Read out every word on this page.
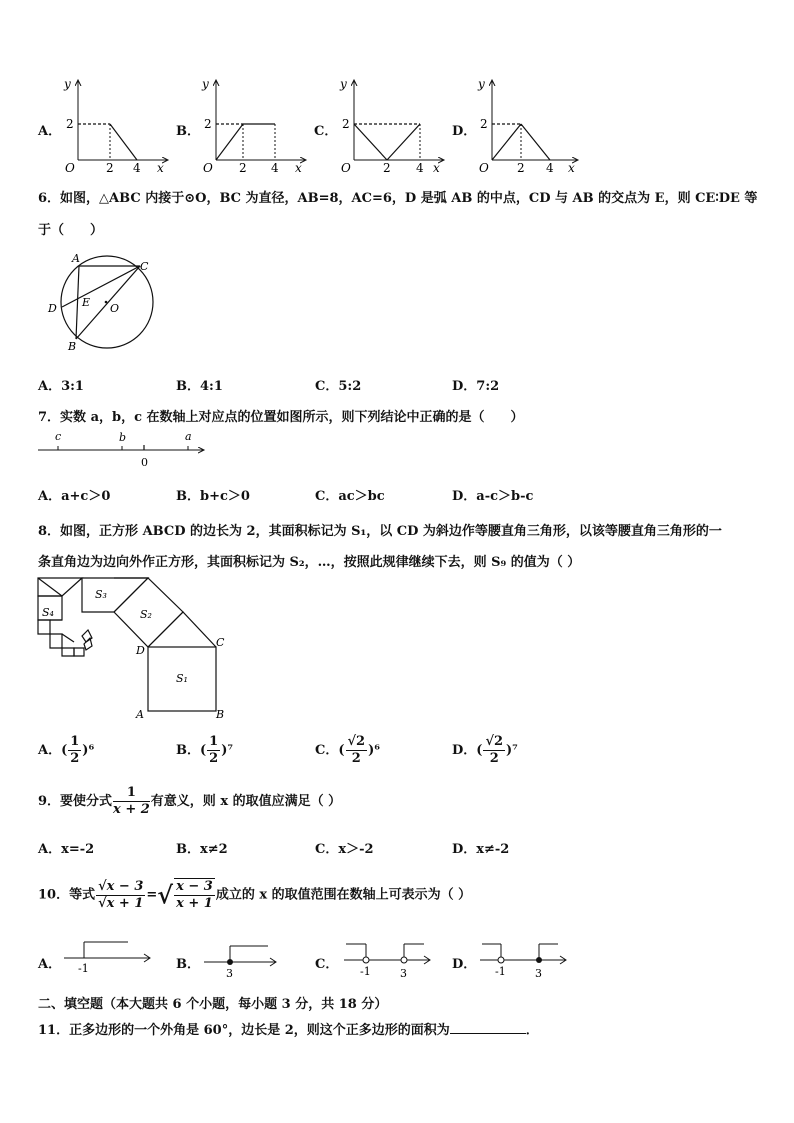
A．
y
2
O	2 4 x
B．
y
2
O 2 4 x
C．
y
2
O	2 4 x
D．
y
2
O 2 4 x
6．如图，△ABC 内接于⊙O，BC 为直径，AB=8，AC=6，D 是弧 AB 的中点，CD 与 AB 的交点为 E，则 CE∶DE 等
于（　　）
A
C
D E O
B
A．3:1	B．4:1	C．5:2	D．7:2
7．实数 a，b，c 在数轴上对应点的位置如图所示，则下列结论中正确的是（　　）
c	b
0
a
A．a+c＞0	B．b+c＞0	C．ac＞bc	D．a-c＞b-c
8．如图，正方形 ABCD 的边长为 2，其面积标记为 S₁，以 CD 为斜边作等腰直角三角形，以该等腰直角三角形的一
条直角边为边向外作正方形，其面积标记为 S₂，…，按照此规律继续下去，则 S₉ 的值为（ ）
S₃
S₄	S₂
S₁
D
C
A	B
A．( $\frac{1}{2} )^6$	B．( $\frac{1}{2} )^7$	C．( $\frac{√2}{2} )^6$	D．( $\frac{√2}{2} )^7$
9．要使分式 $\frac{1}{x + 2}$ 有意义，则 x 的取值应满足（ ）
A．x=-2	B．x≠2	C．x＞-2	D．x≠-2
10．等式 $\frac{√x - 3}{√x + 1}$ =√ $\frac{x - 3}{x + 1}$ 成立的 x 的取值范围在数轴上可表示为（ ）
A． -1	B．
3
C． -1	3
D． -1	3
二、填空题（本大题共 6 个小题，每小题 3 分，共 18 分）
11．正多边形的一个外角是 60°，边长是 2，则这个正多边形的面积为	．
